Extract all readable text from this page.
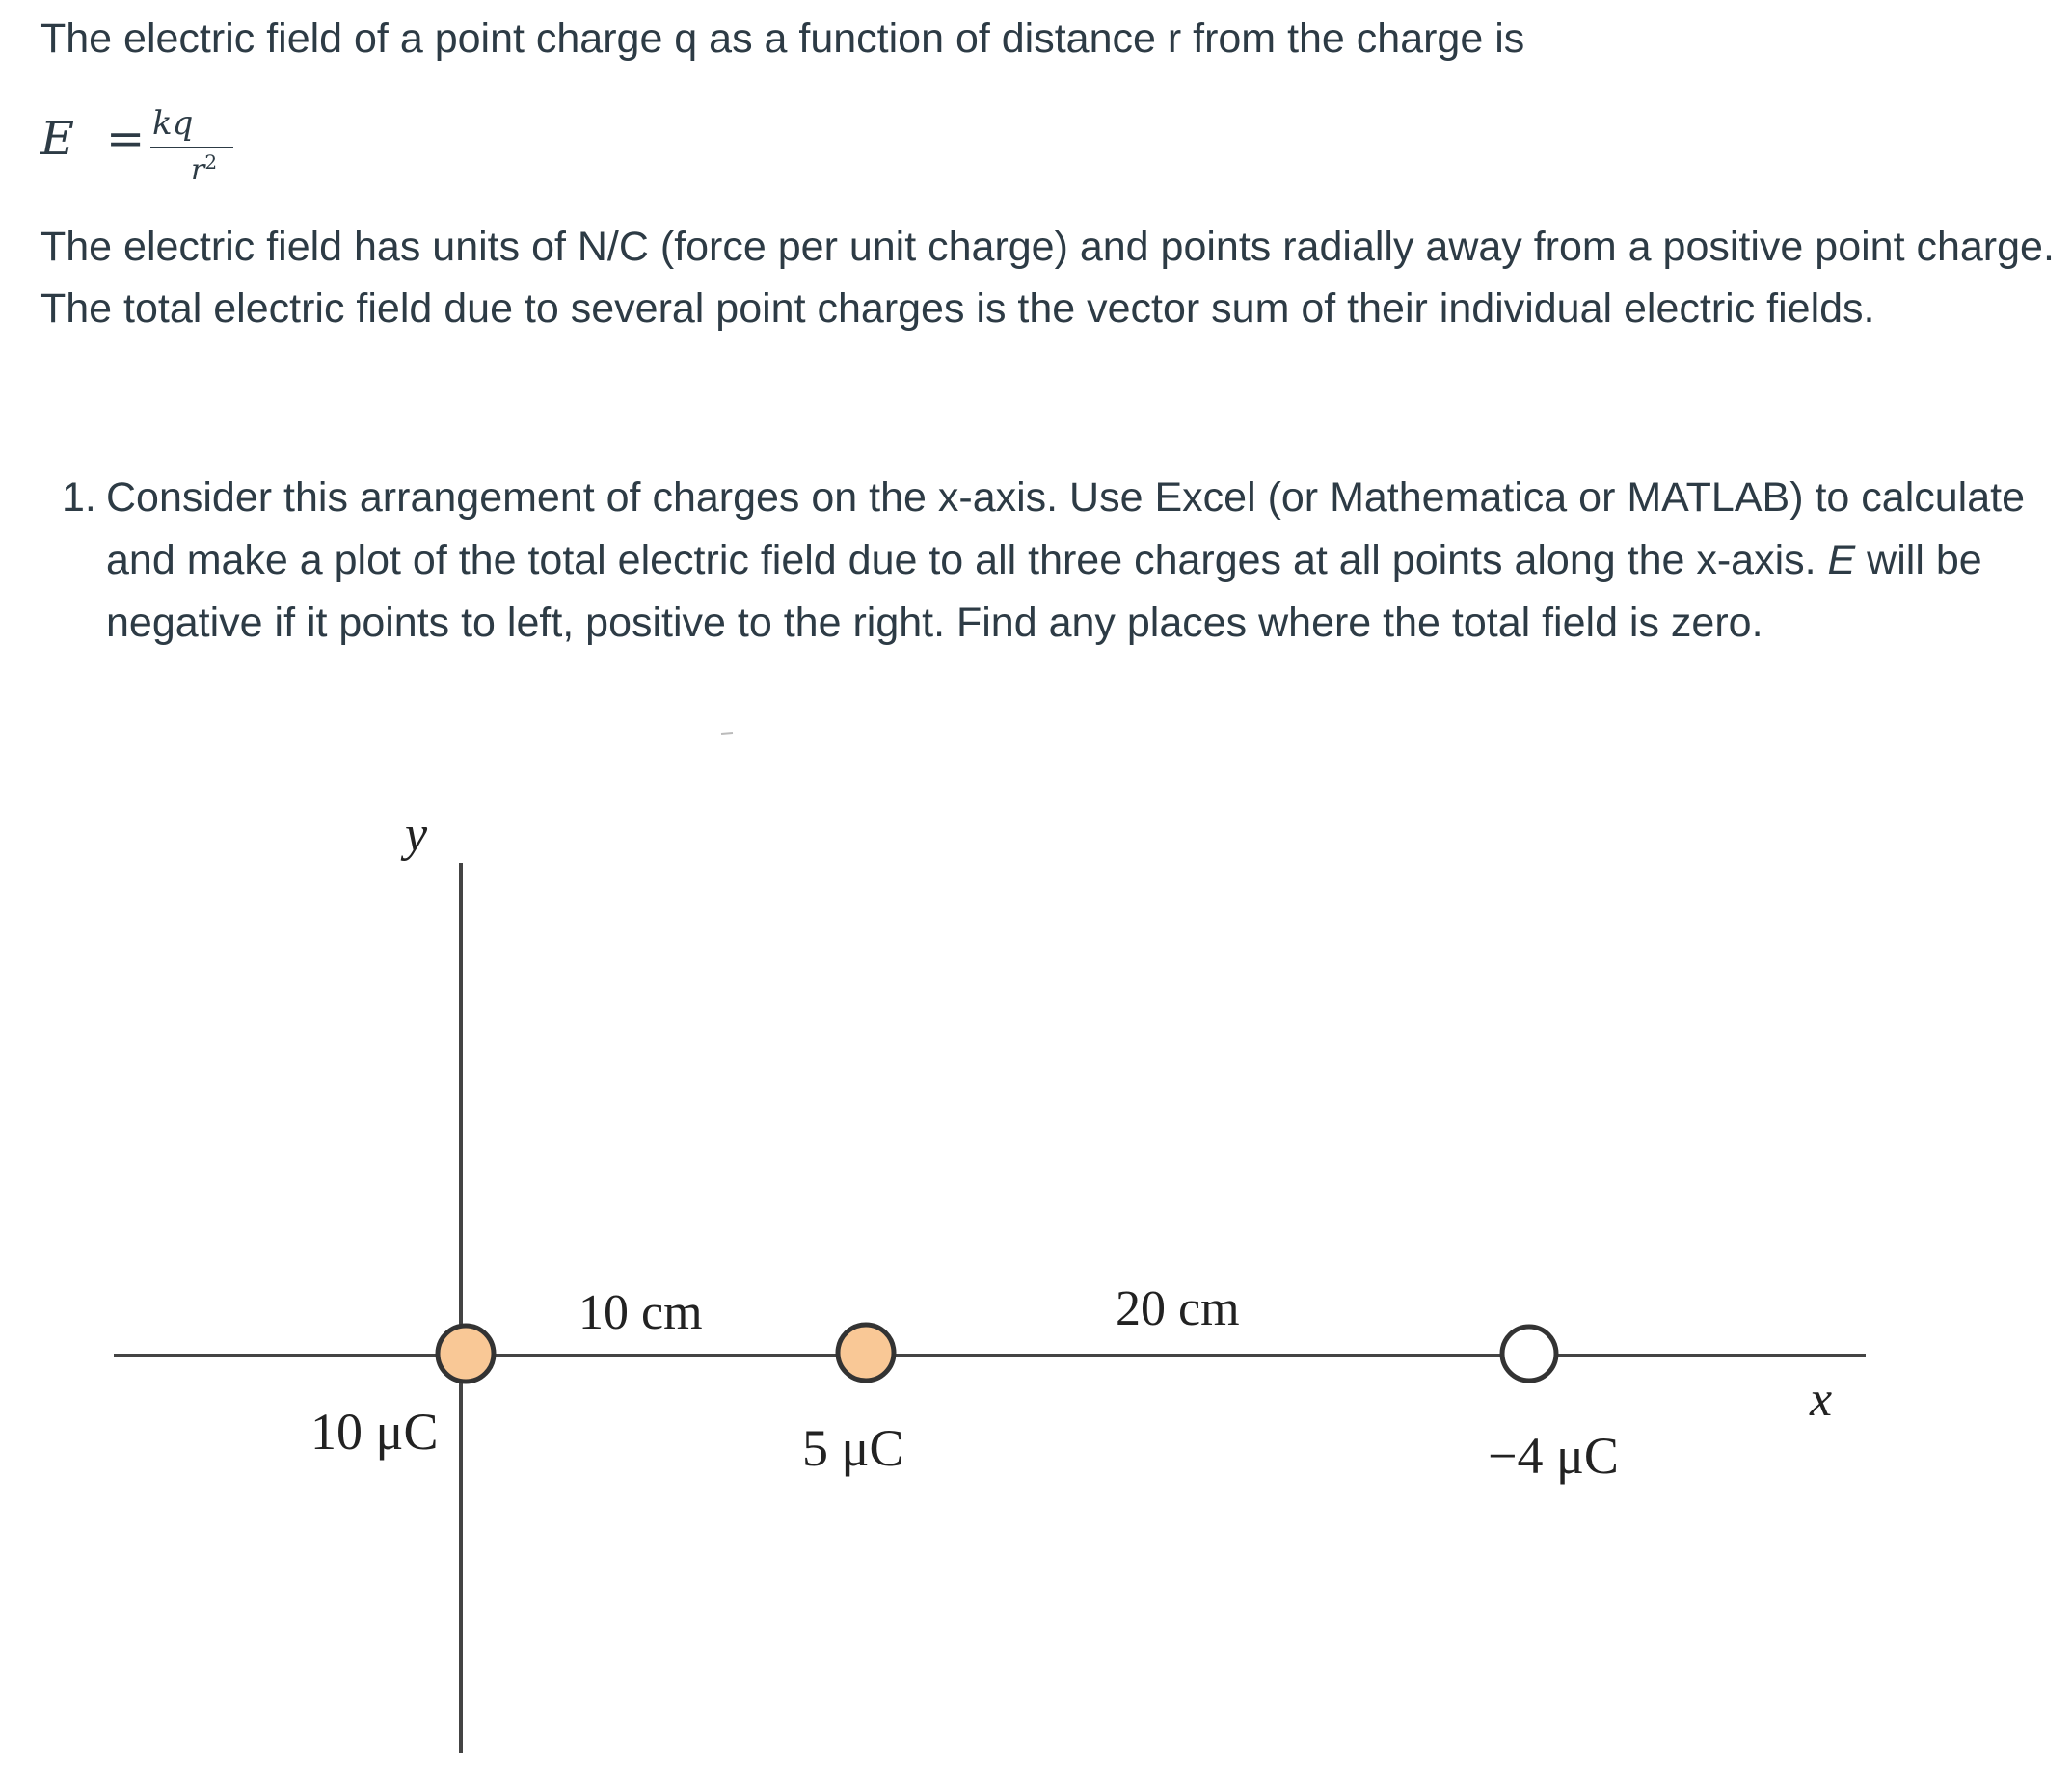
The electric field of a point charge q as a function of distance r from the charge is

E = kq
$r^2$
The electric field has units of N/C (force per unit charge) and points radially away from a positive point charge.
The total electric field due to several point charges is the vector sum of their individual electric fields.
1. Consider this arrangement of charges on the x-axis. Use Excel (or Mathematica or MATLAB) to calculate
and make a plot of the total electric field due to all three charges at all points along the x-axis. E will be
negative if it points to left, positive to the right. Find any places where the total field is zero.
y
x
10 cm	20 cm
10 μC	5 μC	−4 μC
